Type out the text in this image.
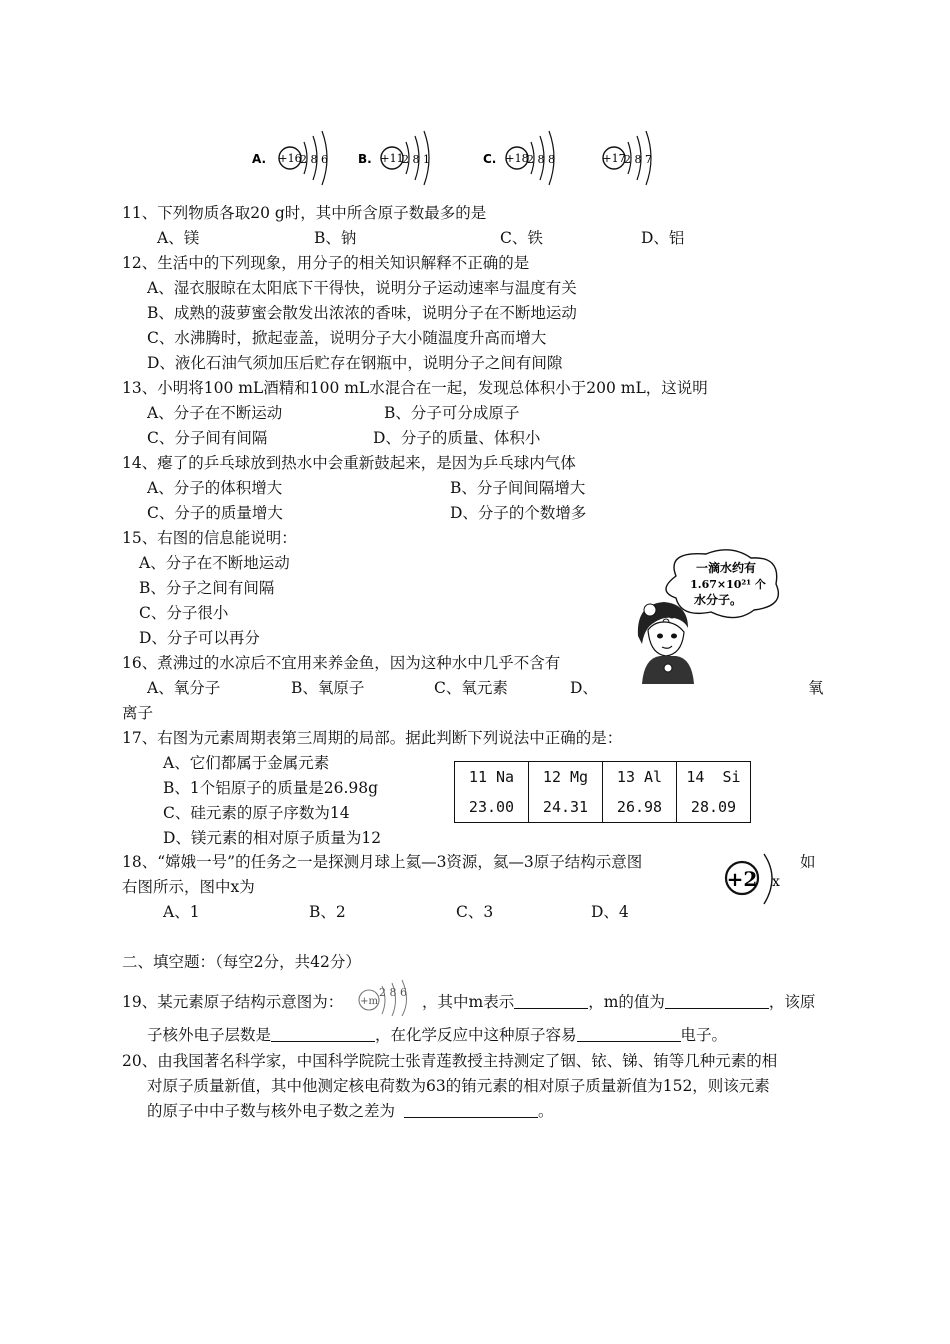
A. +16
2 8 6	B. +11
2 8 1	C. +18
2 8 8	+17
2 8 7
11、下列物质各取20 g时，其中所含原子数最多的是
A、镁	B、钠	C、铁	D、铝
12、生活中的下列现象，用分子的相关知识解释不正确的是
A、湿衣服晾在太阳底下干得快，说明分子运动速率与温度有关
B、成熟的菠萝蜜会散发出浓浓的香味，说明分子在不断地运动
C、水沸腾时，掀起壶盖，说明分子大小随温度升高而增大
D、液化石油气须加压后贮存在钢瓶中，说明分子之间有间隙
13、小明将100 mL酒精和100 mL水混合在一起，发现总体积小于200 mL，这说明
A、分子在不断运动	B、分子可分成原子
C、分子间有间隔	D、分子的质量、体积小
14、瘪了的乒乓球放到热水中会重新鼓起来，是因为乒乓球内气体
A、分子的体积增大	B、分子间间隔增大
C、分子的质量增大	D、分子的个数增多
15、右图的信息能说明：
A、分子在不断地运动
B、分子之间有间隔
C、分子很小
D、分子可以再分
一滴水约有
1.67×10²¹ 个
水分子。
16、煮沸过的水凉后不宜用来养金鱼，因为这种水中几乎不含有
A、氧分子	B、氧原子	C、氧元素	D、	氧
离子
17、右图为元素周期表第三周期的局部。据此判断下列说法中正确的是：
A、它们都属于金属元素
B、1个铝原子的质量是26.98g
C、硅元素的原子序数为14
D、镁元素的相对原子质量为12
11 Na	12 Mg	13 Al	14  Si
23.00	24.31	26.98	28.09
18、“嫦娥一号”的任务之一是探测月球上氦—3资源，氦—3原子结构示意图	如
右图所示，图中x为	+2 x
A、1	B、2	C、3	D、4
二、填空题：（每空2分，共42分）
19、某元素原子结构示意图为： +m
2 8 6
，其中m表示	，m的值为	，该原
子核外电子层数是	，在化学反应中这种原子容易	电子。
20、由我国著名科学家，中国科学院院士张青莲教授主持测定了铟、铱、锑、铕等几种元素的相
对原子质量新值，其中他测定核电荷数为63的铕元素的相对原子质量新值为152，则该元素
的原子中中子数与核外电子数之差为	。
